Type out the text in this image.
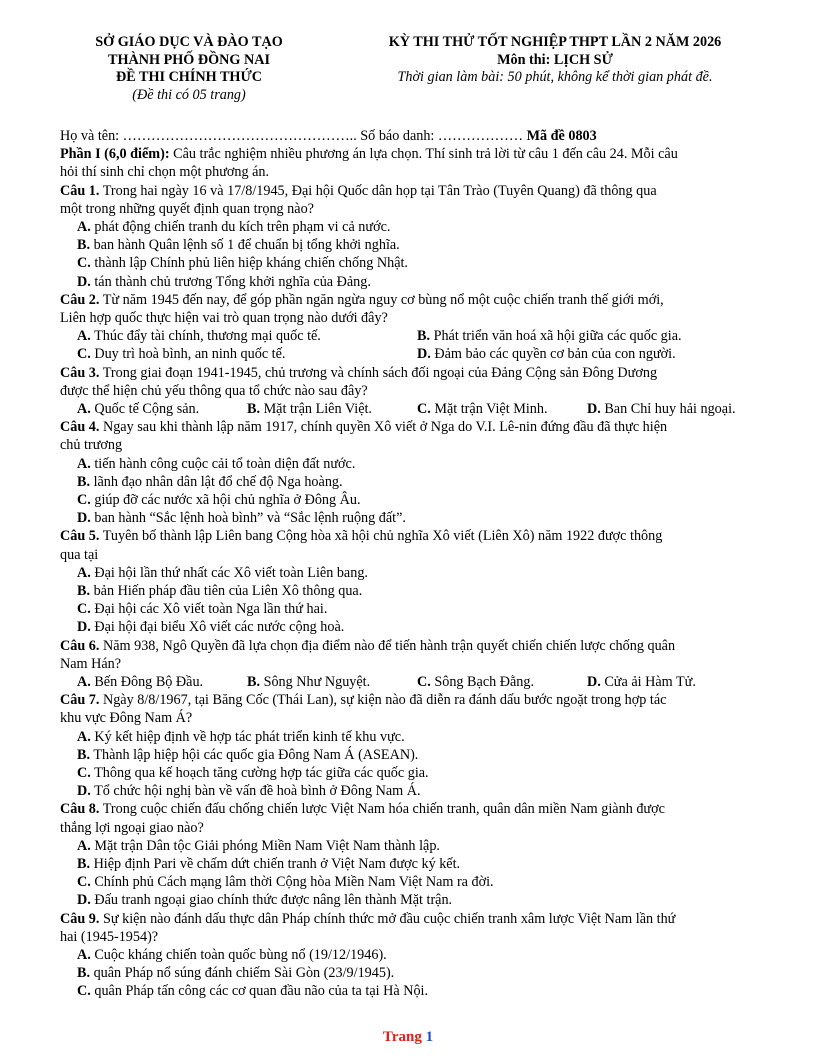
SỞ GIÁO DỤC VÀ ĐÀO TẠO
THÀNH PHỐ ĐỒNG NAI
ĐỀ THI CHÍNH THỨC
(Đề thi có 05 trang)
KỲ THI THỬ TỐT NGHIỆP THPT LẦN 2 NĂM 2026
Môn thi: LỊCH SỬ
Thời gian làm bài: 50 phút, không kể thời gian phát đề.
Họ và tên: ………………………………………….. Số báo danh: ……………… Mã đề 0803
Phần I (6,0 điểm): Câu trắc nghiệm nhiều phương án lựa chọn. Thí sinh trả lời từ câu 1 đến câu 24. Mỗi câu
hỏi thí sinh chỉ chọn một phương án.
Câu 1. Trong hai ngày 16 và 17/8/1945, Đại hội Quốc dân họp tại Tân Trào (Tuyên Quang) đã thông qua
một trong những quyết định quan trọng nào?
A. phát động chiến tranh du kích trên phạm vi cả nước.
B. ban hành Quân lệnh số 1 để chuẩn bị tổng khởi nghĩa.
C. thành lập Chính phủ liên hiệp kháng chiến chống Nhật.
D. tán thành chủ trương Tổng khởi nghĩa của Đảng.
Câu 2. Từ năm 1945 đến nay, để góp phần ngăn ngừa nguy cơ bùng nổ một cuộc chiến tranh thế giới mới,
Liên hợp quốc thực hiện vai trò quan trọng nào dưới đây?
A. Thúc đẩy tài chính, thương mại quốc tế.	B. Phát triển văn hoá xã hội giữa các quốc gia.
C. Duy trì hoà bình, an ninh quốc tế.	D. Đảm bảo các quyền cơ bản của con người.
Câu 3. Trong giai đoạn 1941-1945, chủ trương và chính sách đối ngoại của Đảng Cộng sản Đông Dương
được thể hiện chủ yếu thông qua tổ chức nào sau đây?
A. Quốc tế Cộng sản.	B. Mặt trận Liên Việt.	C. Mặt trận Việt Minh.	D. Ban Chỉ huy hải ngoại.
Câu 4. Ngay sau khi thành lập năm 1917, chính quyền Xô viết ở Nga do V.I. Lê-nin đứng đầu đã thực hiện
chủ trương
A. tiến hành công cuộc cải tổ toàn diện đất nước.
B. lãnh đạo nhân dân lật đổ chế độ Nga hoàng.
C. giúp đỡ các nước xã hội chủ nghĩa ở Đông Âu.
D. ban hành “Sắc lệnh hoà bình” và “Sắc lệnh ruộng đất”.
Câu 5. Tuyên bố thành lập Liên bang Cộng hòa xã hội chủ nghĩa Xô viết (Liên Xô) năm 1922 được thông
qua tại
A. Đại hội lần thứ nhất các Xô viết toàn Liên bang.
B. bản Hiến pháp đầu tiên của Liên Xô thông qua.
C. Đại hội các Xô viết toàn Nga lần thứ hai.
D. Đại hội đại biểu Xô viết các nước cộng hoà.
Câu 6. Năm 938, Ngô Quyền đã lựa chọn địa điểm nào để tiến hành trận quyết chiến chiến lược chống quân
Nam Hán?
A. Bến Đông Bộ Đầu.	B. Sông Như Nguyệt.	C. Sông Bạch Đằng.	D. Cửa ải Hàm Tử.
Câu 7. Ngày 8/8/1967, tại Băng Cốc (Thái Lan), sự kiện nào đã diễn ra đánh dấu bước ngoặt trong hợp tác
khu vực Đông Nam Á?
A. Ký kết hiệp định về hợp tác phát triển kinh tế khu vực.
B. Thành lập hiệp hội các quốc gia Đông Nam Á (ASEAN).
C. Thông qua kế hoạch tăng cường hợp tác giữa các quốc gia.
D. Tổ chức hội nghị bàn về vấn đề hoà bình ở Đông Nam Á.
Câu 8. Trong cuộc chiến đấu chống chiến lược Việt Nam hóa chiến tranh, quân dân miền Nam giành được
thắng lợi ngoại giao nào?
A. Mặt trận Dân tộc Giải phóng Miền Nam Việt Nam thành lập.
B. Hiệp định Pari về chấm dứt chiến tranh ở Việt Nam được ký kết.
C. Chính phủ Cách mạng lâm thời Cộng hòa Miền Nam Việt Nam ra đời.
D. Đấu tranh ngoại giao chính thức được nâng lên thành Mặt trận.
Câu 9. Sự kiện nào đánh dấu thực dân Pháp chính thức mở đầu cuộc chiến tranh xâm lược Việt Nam lần thứ
hai (1945-1954)?
A. Cuộc kháng chiến toàn quốc bùng nổ (19/12/1946).
B. quân Pháp nổ súng đánh chiếm Sài Gòn (23/9/1945).
C. quân Pháp tấn công các cơ quan đầu não của ta tại Hà Nội.
Trang 1
